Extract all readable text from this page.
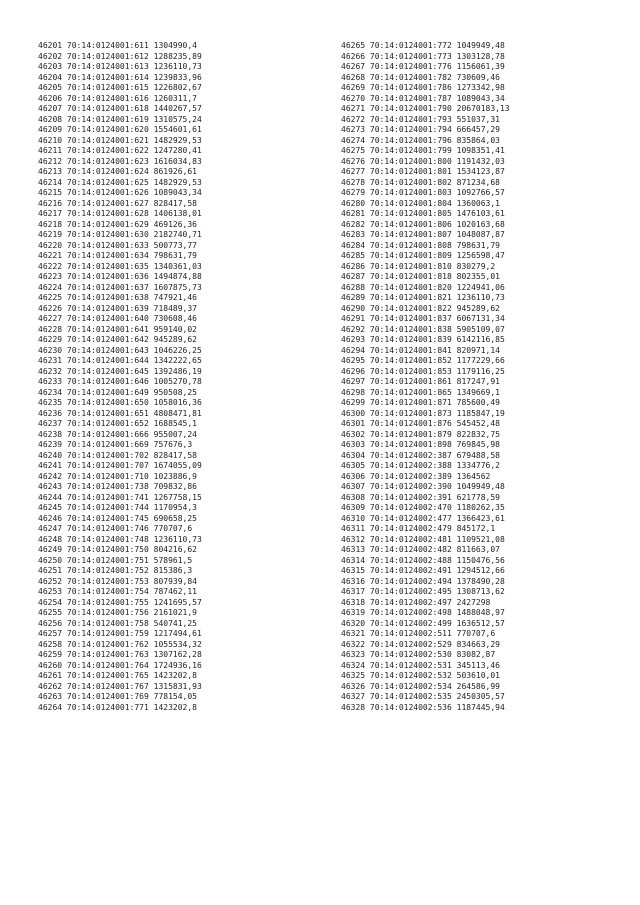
46201 70:14:0124001:611 1304990,4
46202 70:14:0124001:612 1288235,89
46203 70:14:0124001:613 1236110,73
46204 70:14:0124001:614 1239833,96
46205 70:14:0124001:615 1226802,67
46206 70:14:0124001:616 1260311,7
46207 70:14:0124001:618 1440267,57
46208 70:14:0124001:619 1310575,24
46209 70:14:0124001:620 1554601,61
46210 70:14:0124001:621 1482929,53
46211 70:14:0124001:622 1247280,41
46212 70:14:0124001:623 1616034,83
46213 70:14:0124001:624 861926,61
46214 70:14:0124001:625 1482929,53
46215 70:14:0124001:626 1089043,34
46216 70:14:0124001:627 828417,58
46217 70:14:0124001:628 1406138,01
46218 70:14:0124001:629 469126,36
46219 70:14:0124001:630 2182740,71
46220 70:14:0124001:633 500773,77
46221 70:14:0124001:634 798631,79
46222 70:14:0124001:635 1340361,03
46223 70:14:0124001:636 1494874,88
46224 70:14:0124001:637 1607875,73
46225 70:14:0124001:638 747921,46
46226 70:14:0124001:639 718489,37
46227 70:14:0124001:640 730608,46
46228 70:14:0124001:641 959140,02
46229 70:14:0124001:642 945289,62
46230 70:14:0124001:643 1046226,25
46231 70:14:0124001:644 1342222,65
46232 70:14:0124001:645 1392486,19
46233 70:14:0124001:646 1005270,78
46234 70:14:0124001:649 950508,25
46235 70:14:0124001:650 1058016,36
46236 70:14:0124001:651 4808471,81
46237 70:14:0124001:652 1688545,1
46238 70:14:0124001:666 955007,24
46239 70:14:0124001:669 757676,3
46240 70:14:0124001:702 828417,58
46241 70:14:0124001:707 1674055,09
46242 70:14:0124001:710 1023886,9
46243 70:14:0124001:738 709832,86
46244 70:14:0124001:741 1267758,15
46245 70:14:0124001:744 1170954,3
46246 70:14:0124001:745 690658,25
46247 70:14:0124001:746 770707,6
46248 70:14:0124001:748 1236110,73
46249 70:14:0124001:750 804216,62
46250 70:14:0124001:751 578961,5
46251 70:14:0124001:752 815386,3
46252 70:14:0124001:753 807939,84
46253 70:14:0124001:754 787462,11
46254 70:14:0124001:755 1241695,57
46255 70:14:0124001:756 2161021,9
46256 70:14:0124001:758 540741,25
46257 70:14:0124001:759 1217494,61
46258 70:14:0124001:762 1055534,32
46259 70:14:0124001:763 1307162,28
46260 70:14:0124001:764 1724936,16
46261 70:14:0124001:765 1423202,8
46262 70:14:0124001:767 1315831,93
46263 70:14:0124001:769 778154,05
46264 70:14:0124001:771 1423202,8
46265 70:14:0124001:772 1049949,48
46266 70:14:0124001:773 1303128,78
46267 70:14:0124001:776 1156061,39
46268 70:14:0124001:782 730609,46
46269 70:14:0124001:786 1273342,98
46270 70:14:0124001:787 1089043,34
46271 70:14:0124001:790 20670183,13
46272 70:14:0124001:793 551037,31
46273 70:14:0124001:794 666457,29
46274 70:14:0124001:796 835864,03
46275 70:14:0124001:799 1098351,41
46276 70:14:0124001:800 1191432,03
46277 70:14:0124001:801 1534123,87
46278 70:14:0124001:802 871234,68
46279 70:14:0124001:803 1092766,57
46280 70:14:0124001:804 1360063,1
46281 70:14:0124001:805 1476103,61
46282 70:14:0124001:806 1020163,68
46283 70:14:0124001:807 1048087,87
46284 70:14:0124001:808 798631,79
46285 70:14:0124001:809 1256598,47
46286 70:14:0124001:810 830279,2
46287 70:14:0124001:818 802355,01
46288 70:14:0124001:820 1224941,06
46289 70:14:0124001:821 1236110,73
46290 70:14:0124001:822 945289,62
46291 70:14:0124001:837 6067131,34
46292 70:14:0124001:838 5905109,07
46293 70:14:0124001:839 6142116,85
46294 70:14:0124001:841 820971,14
46295 70:14:0124001:852 1177229,66
46296 70:14:0124001:853 1179116,25
46297 70:14:0124001:861 817247,91
46298 70:14:0124001:865 1349669,1
46299 70:14:0124001:871 785600,49
46300 70:14:0124001:873 1185847,19
46301 70:14:0124001:876 545452,48
46302 70:14:0124001:879 822832,75
46303 70:14:0124001:898 769845,98
46304 70:14:0124002:387 679488,58
46305 70:14:0124002:388 1334776,2
46306 70:14:0124002:389 1364562
46307 70:14:0124002:390 1049949,48
46308 70:14:0124002:391 621778,59
46309 70:14:0124002:470 1180262,35
46310 70:14:0124002:477 1366423,61
46311 70:14:0124002:479 845172,1
46312 70:14:0124002:481 1109521,08
46313 70:14:0124002:482 811663,07
46314 70:14:0124002:488 1150476,56
46315 70:14:0124002:491 1294512,66
46316 70:14:0124002:494 1378490,28
46317 70:14:0124002:495 1308713,62
46318 70:14:0124002:497 2427298
46319 70:14:0124002:498 1488048,97
46320 70:14:0124002:499 1636512,57
46321 70:14:0124002:511 770707,6
46322 70:14:0124002:529 834663,29
46323 70:14:0124002:530 83082,87
46324 70:14:0124002:531 345113,46
46325 70:14:0124002:532 503610,01
46326 70:14:0124002:534 264586,99
46327 70:14:0124002:535 2450305,57
46328 70:14:0124002:536 1187445,94
